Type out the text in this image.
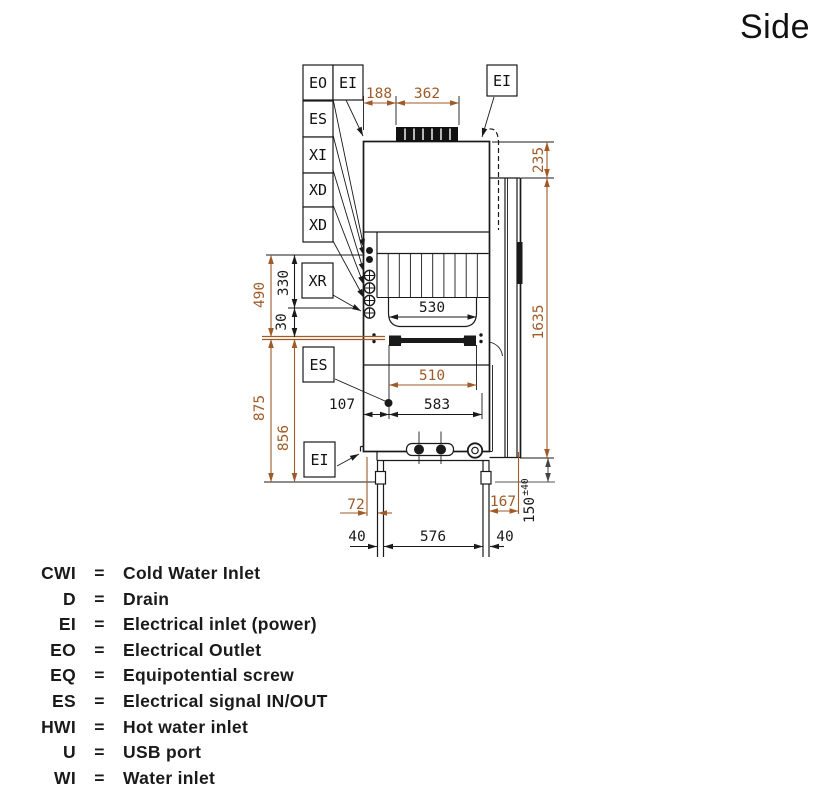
Side
188 362
235
1635
490
875
856
510
72	167
330
30
530
107	583
150
±40
40	576	40
EO EI
ES
XI
XD
XD
XR
ES
EI
EI
CWI	=	Cold Water Inlet
D	=	Drain
EI	=	Electrical inlet (power)
EO	=	Electrical Outlet
EQ	=	Equipotential screw
ES	=	Electrical signal IN/OUT
HWI	=	Hot water inlet
U	=	USB port
WI	=	Water inlet
